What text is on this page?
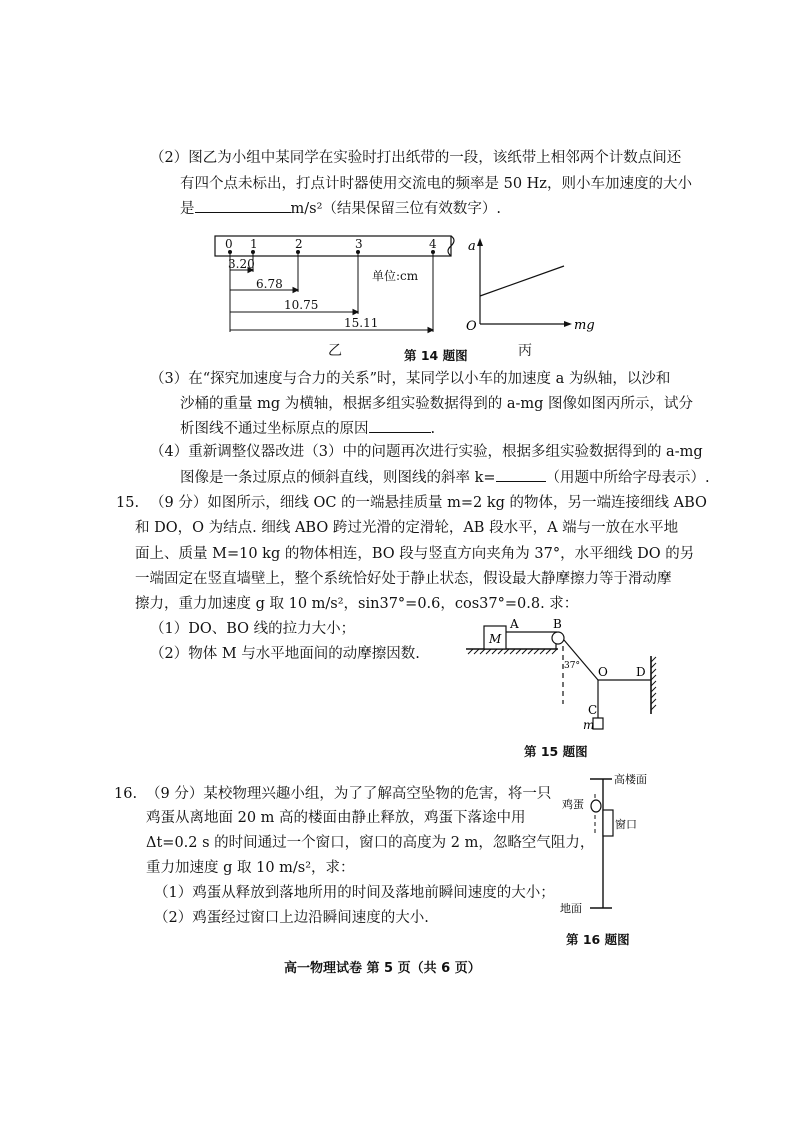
（2）图乙为小组中某同学在实验时打出纸带的一段，该纸带上相邻两个计数点间还
有四个点未标出，打点计时器使用交流电的频率是 50 Hz，则小车加速度的大小
是	m/s²（结果保留三位有效数字）.
0 1	2	3	4
3.20
6.78
10.75
15.11
单位:cm
a
mg
O
乙	第 14 题图	丙
（3）在“探究加速度与合力的关系”时，某同学以小车的加速度 a 为纵轴，以沙和
沙桶的重量 mg 为横轴，根据多组实验数据得到的 a-mg 图像如图丙所示，试分
析图线不通过坐标原点的原因	.
（4）重新调整仪器改进（3）中的问题再次进行实验，根据多组实验数据得到的 a-mg
图像是一条过原点的倾斜直线，则图线的斜率 k=	（用题中所给字母表示）.
15. （9 分）如图所示，细线 OC 的一端悬挂质量 m=2 kg 的物体，另一端连接细线 ABO
和 DO，O 为结点. 细线 ABO 跨过光滑的定滑轮，AB 段水平，A 端与一放在水平地
面上、质量 M=10 kg 的物体相连，BO 段与竖直方向夹角为 37°，水平细线 DO 的另
一端固定在竖直墙壁上，整个系统恰好处于静止状态，假设最大静摩擦力等于滑动摩
擦力，重力加速度 g 取 10 m/s²，sin37°=0.6，cos37°=0.8. 求：
（1）DO、BO 线的拉力大小；
（2）物体 M 与水平地面间的动摩擦因数.
M
A	B
37° O D
C
m
第 15 题图
16. （9 分）某校物理兴趣小组，为了了解高空坠物的危害，将一只
鸡蛋从离地面 20 m 高的楼面由静止释放，鸡蛋下落途中用
Δt=0.2 s 的时间通过一个窗口，窗口的高度为 2 m，忽略空气阻力，
重力加速度 g 取 10 m/s²，求：
（1）鸡蛋从释放到落地所用的时间及落地前瞬间速度的大小；
（2）鸡蛋经过窗口上边沿瞬间速度的大小.
高楼面
鸡蛋
窗口
地面
第 16 题图
高一物理试卷 第 5 页（共 6 页）
